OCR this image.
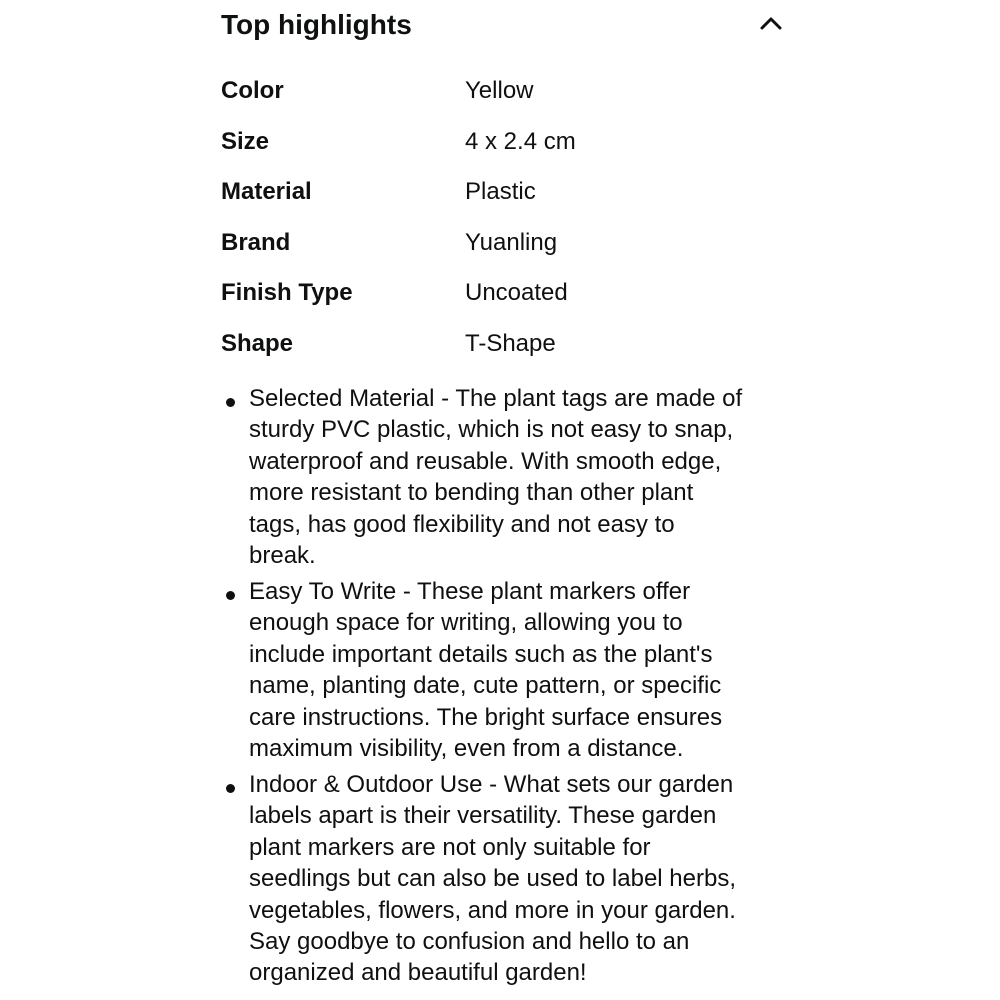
Top highlights
Color	Yellow
Size	4 x 2.4 cm
Material	Plastic
Brand	Yuanling
Finish Type	Uncoated
Shape	T-Shape
Selected Material - The plant tags are made of
sturdy PVC plastic, which is not easy to snap,
waterproof and reusable. With smooth edge,
more resistant to bending than other plant
tags, has good flexibility and not easy to
break.
Easy To Write - These plant markers offer
enough space for writing, allowing you to
include important details such as the plant's
name, planting date, cute pattern, or specific
care instructions. The bright surface ensures
maximum visibility, even from a distance.
Indoor & Outdoor Use - What sets our garden
labels apart is their versatility. These garden
plant markers are not only suitable for
seedlings but can also be used to label herbs,
vegetables, flowers, and more in your garden.
Say goodbye to confusion and hello to an
organized and beautiful garden!
